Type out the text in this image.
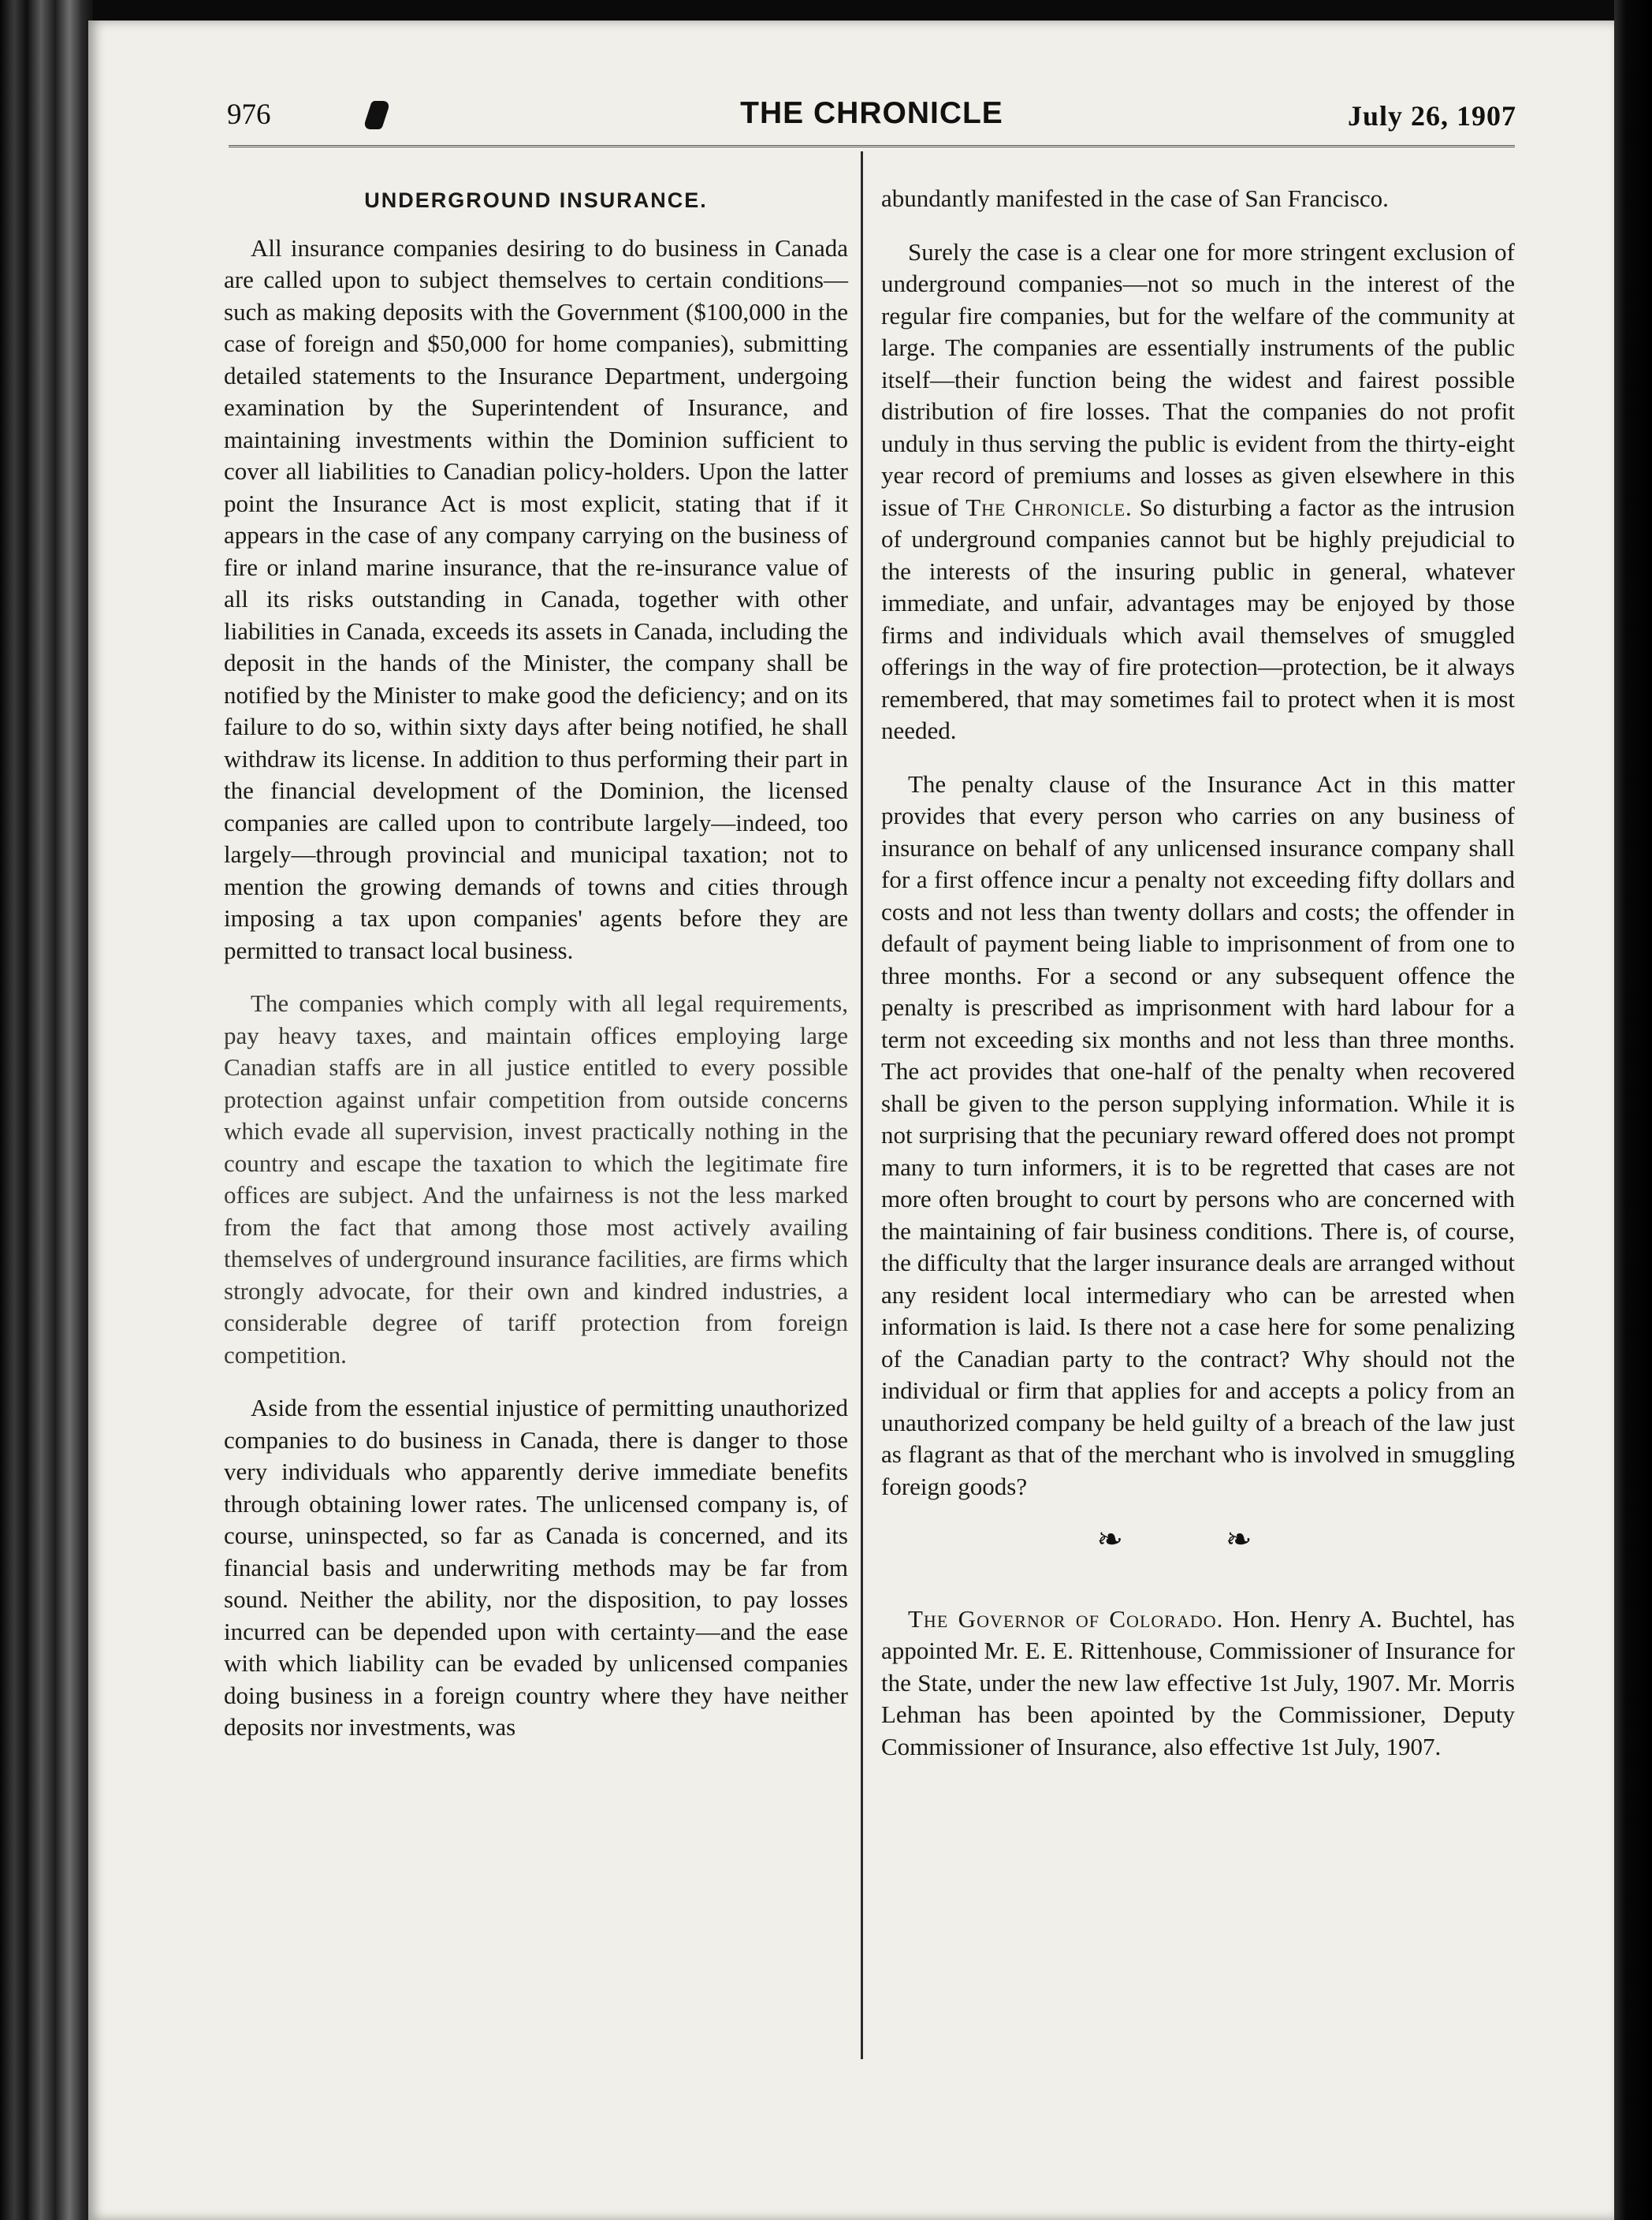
976	THE CHRONICLE	July 26, 1907
UNDERGROUND INSURANCE.

All insurance companies desiring to do business in Canada are called upon to subject themselves to certain conditions—such as making deposits with the Government ($100,000 in the case of foreign and $50,000 for home companies), submitting detailed statements to the Insurance Department, undergoing examination by the Superintendent of Insurance, and maintaining investments within the Dominion sufficient to cover all liabilities to Canadian policy-holders. Upon the latter point the Insurance Act is most explicit, stating that if it appears in the case of any company carrying on the business of fire or inland marine insurance, that the re-insurance value of all its risks outstanding in Canada, together with other liabilities in Canada, exceeds its assets in Canada, including the deposit in the hands of the Minister, the company shall be notified by the Minister to make good the deficiency; and on its failure to do so, within sixty days after being notified, he shall withdraw its license. In addition to thus performing their part in the financial development of the Dominion, the licensed companies are called upon to contribute largely—indeed, too largely—through provincial and municipal taxation; not to mention the growing demands of towns and cities through imposing a tax upon companies' agents before they are permitted to transact local business.

The companies which comply with all legal requirements, pay heavy taxes, and maintain offices employing large Canadian staffs are in all justice entitled to every possible protection against unfair competition from outside concerns which evade all supervision, invest practically nothing in the country and escape the taxation to which the legitimate fire offices are subject. And the unfairness is not the less marked from the fact that among those most actively availing themselves of underground insurance facilities, are firms which strongly advocate, for their own and kindred industries, a considerable degree of tariff protection from foreign competition.

Aside from the essential injustice of permitting unauthorized companies to do business in Canada, there is danger to those very individuals who apparently derive immediate benefits through obtaining lower rates. The unlicensed company is, of course, uninspected, so far as Canada is concerned, and its financial basis and underwriting methods may be far from sound. Neither the ability, nor the disposition, to pay losses incurred can be depended upon with certainty—and the ease with which liability can be evaded by unlicensed companies doing business in a foreign country where they have neither deposits nor investments, was

abundantly manifested in the case of San Francisco.

Surely the case is a clear one for more stringent exclusion of underground companies—not so much in the interest of the regular fire companies, but for the welfare of the community at large. The companies are essentially instruments of the public itself—their function being the widest and fairest possible distribution of fire losses. That the companies do not profit unduly in thus serving the public is evident from the thirty-eight year record of premiums and losses as given elsewhere in this issue of The Chronicle. So disturbing a factor as the intrusion of underground companies cannot but be highly prejudicial to the interests of the insuring public in general, whatever immediate, and unfair, advantages may be enjoyed by those firms and individuals which avail themselves of smuggled offerings in the way of fire protection—protection, be it always remembered, that may sometimes fail to protect when it is most needed.

The penalty clause of the Insurance Act in this matter provides that every person who carries on any business of insurance on behalf of any unlicensed insurance company shall for a first offence incur a penalty not exceeding fifty dollars and costs and not less than twenty dollars and costs; the offender in default of payment being liable to imprisonment of from one to three months. For a second or any subsequent offence the penalty is prescribed as imprisonment with hard labour for a term not exceeding six months and not less than three months. The act provides that one-half of the penalty when recovered shall be given to the person supplying information. While it is not surprising that the pecuniary reward offered does not prompt many to turn informers, it is to be regretted that cases are not more often brought to court by persons who are concerned with the maintaining of fair business conditions. There is, of course, the difficulty that the larger insurance deals are arranged without any resident local intermediary who can be arrested when information is laid. Is there not a case here for some penalizing of the Canadian party to the contract? Why should not the individual or firm that applies for and accepts a policy from an unauthorized company be held guilty of a breach of the law just as flagrant as that of the merchant who is involved in smuggling foreign goods?

❧ ❧

The Governor of Colorado. Hon. Henry A. Buchtel, has appointed Mr. E. E. Rittenhouse, Commissioner of Insurance for the State, under the new law effective 1st July, 1907. Mr. Morris Lehman has been apointed by the Commissioner, Deputy Commissioner of Insurance, also effective 1st July, 1907.
